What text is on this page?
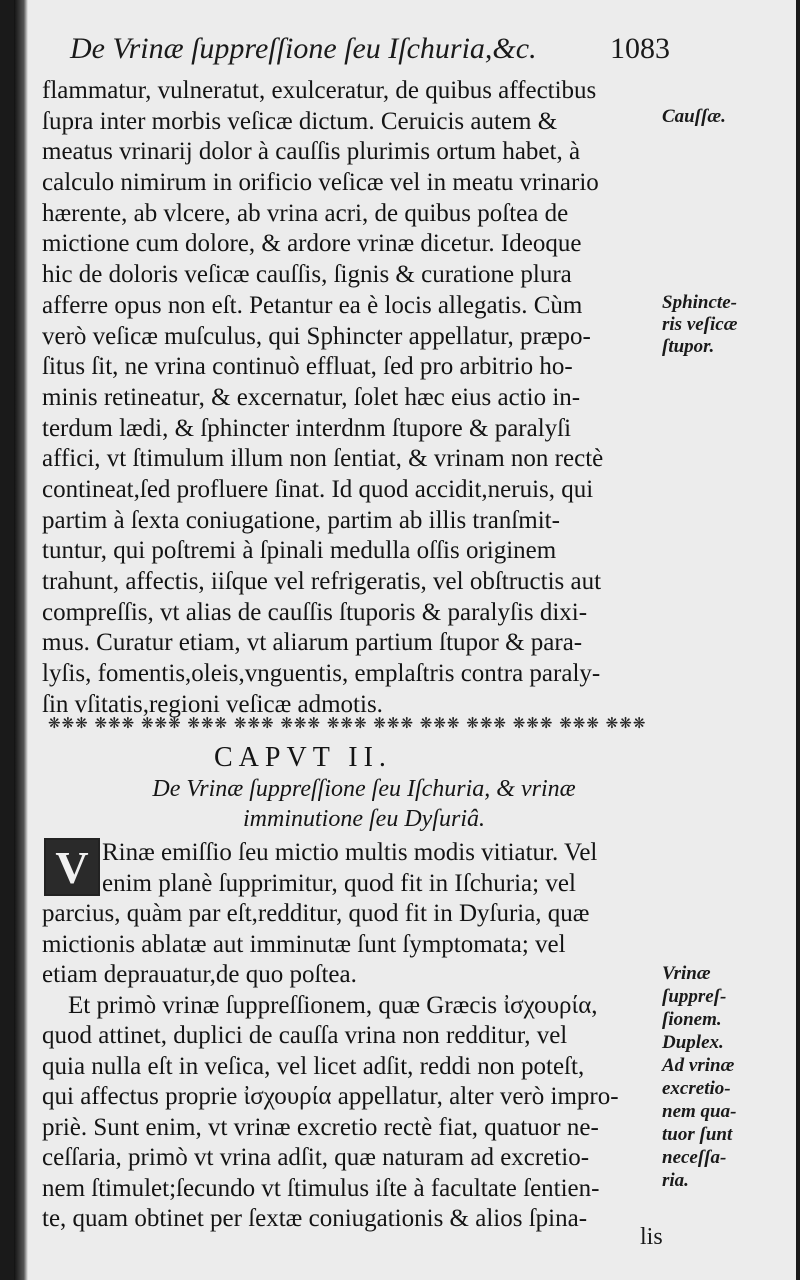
De Vrinæ ſuppreſſione ſeu Iſchuria,&c. 1083
flammatur, vulneratut, exulceratur, de quibus affectibus
ſupra inter morbis veſicæ dictum. Ceruicis autem &
meatus vrinarij dolor à cauſſis plurimis ortum habet, à
calculo nimirum in orificio veſicæ vel in meatu vrinario
hærente, ab vlcere, ab vrina acri, de quibus poſtea de
mictione cum dolore, & ardore vrinæ dicetur. Ideoque
hic de doloris veſicæ cauſſis, ſignis & curatione plura
afferre opus non eſt. Petantur ea è locis allegatis. Cùm
verò veſicæ muſculus, qui Sphincter appellatur, præpo-
ſitus ſit, ne vrina continuò effluat, ſed pro arbitrio ho-
minis retineatur, & excernatur, ſolet hæc eius actio in-
terdum lædi, & ſphincter interdnm ſtupore & paralyſi
affici, vt ſtimulum illum non ſentiat, & vrinam non rectè
contineat,ſed profluere ſinat. Id quod accidit,neruis, qui
partim à ſexta coniugatione, partim ab illis tranſmit-
tuntur, qui poſtremi à ſpinali medulla oſſis originem
trahunt, affectis, iiſque vel refrigeratis, vel obſtructis aut
compreſſis, vt alias de cauſſis ſtuporis & paralyſis dixi-
mus. Curatur etiam, vt aliarum partium ſtupor & para-
lyſis, fomentis,oleis,vnguentis, emplaſtris contra paraly-
ſin vſitatis,regioni veſicæ admotis.
❋❋❋ ❋❋❋ ❋❋❋ ❋❋❋ ❋❋❋ ❋❋❋ ❋❋❋ ❋❋❋ ❋❋❋ ❋❋❋ ❋❋❋ ❋❋❋ ❋❋❋
CAPVT II.
De Vrinæ ſuppreſſione ſeu Iſchuria, & vrinæ
imminutione ſeu Dyſuriâ.
V Rinæ emiſſio ſeu mictio multis modis vitiatur. Vel
enim planè ſupprimitur, quod fit in Iſchuria; vel
parcius, quàm par eſt,redditur, quod fit in Dyſuria, quæ
mictionis ablatæ aut imminutæ ſunt ſymptomata; vel
etiam deprauatur,de quo poſtea.
Et primò vrinæ ſuppreſſionem, quæ Græcis ἰσχουρία,
quod attinet, duplici de cauſſa vrina non redditur, vel
quia nulla eſt in veſica, vel licet adſit, reddi non poteſt,
qui affectus proprie ἰσχουρία appellatur, alter verò impro-
priè. Sunt enim, vt vrinæ excretio rectè fiat, quatuor ne-
ceſſaria, primò vt vrina adſit, quæ naturam ad excretio-
nem ſtimulet;ſecundo vt ſtimulus iſte à facultate ſentien-
te, quam obtinet per ſextæ coniugationis & alios ſpina-
lis
Cauſſæ.
Sphincte-
ris veſicæ
ſtupor.
Vrinæ
ſuppreſ-
ſionem.
Duplex.
Ad vrinæ
excretio-
nem qua-
tuor ſunt
neceſſa-
ria.
